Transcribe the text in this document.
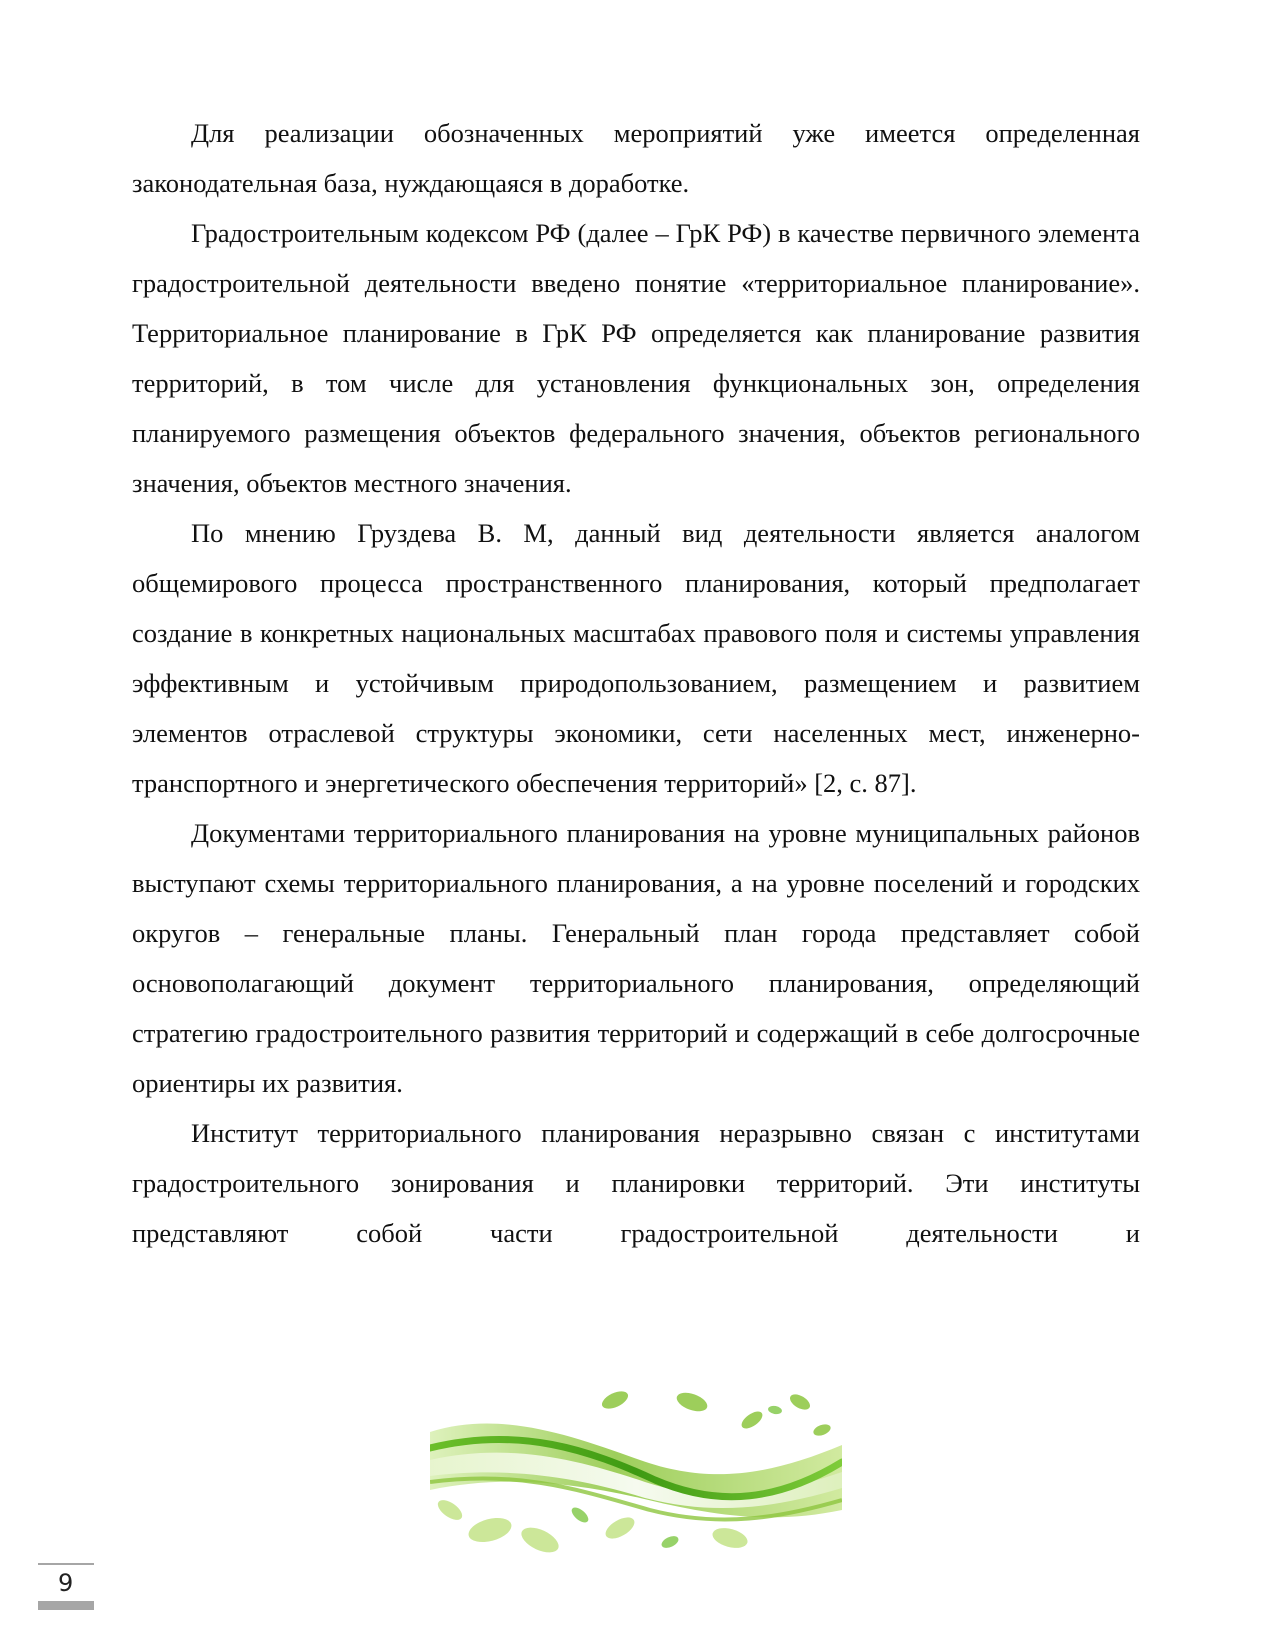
Для реализации обозначенных мероприятий уже имеется определенная законодательная база, нуждающаяся в доработке.

Градостроительным кодексом РФ (далее – ГрК РФ) в качестве первичного элемента градостроительной деятельности введено понятие «территориальное планирование». Территориальное планирование в ГрК РФ определяется как планирование развития территорий, в том числе для установления функциональных зон, определения планируемого размещения объектов федерального значения, объектов регионального значения, объектов местного значения.

По мнению Груздева В. М, данный вид деятельности является аналогом общемирового процесса пространственного планирования, который предполагает создание в конкретных национальных масштабах правового поля и системы управления эффективным и устойчивым природопользованием, размещением и развитием элементов отраслевой структуры экономики, сети населенных мест, инженерно-транспортного и энергетического обеспечения территорий» [2, с. 87].

Документами территориального планирования на уровне муниципальных районов выступают схемы территориального планирования, а на уровне поселений и городских округов – генеральные планы. Генеральный план города представляет собой основополагающий документ территориального планирования, определяющий стратегию градостроительного развития территорий и содержащий в себе долгосрочные ориентиры их развития.

Институт территориального планирования неразрывно связан с институтами градостроительного зонирования и планировки территорий. Эти институты представляют собой части градостроительной деятельности и

9
